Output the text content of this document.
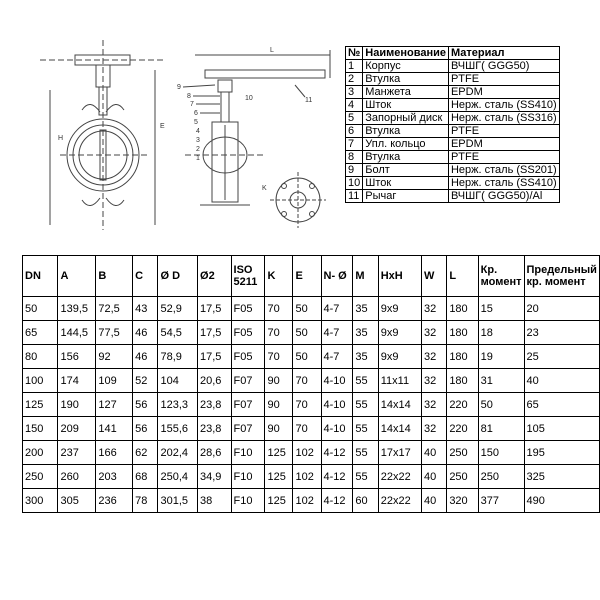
9
8
7
6
5
4
3
2
1
10	11
L
E
K
H
№	Наименование	Материал
1	Корпус	ВЧШГ( GGG50)
2	Втулка	PTFE
3	Манжета	EPDM
4	Шток	Нерж. сталь (SS410)
5	Запорный диск	Нерж. сталь (SS316)
6	Втулка	PTFE
7	Упл. кольцо	EPDM
8	Втулка	PTFE
9	Болт	Нерж. сталь (SS201)
10	Шток	Нерж. сталь (SS410)
11	Рычаг	ВЧШГ( GGG50)/Al
DN	A	B	C	Ø D	Ø2	ISO 5211	K	E	N- Ø	M	HxH	W	L	Кр. момент	Предельный кр. момент
50	139,5	72,5	43	52,9	17,5	F05	70	50	4-7	35	9x9	32	180	15	20
65	144,5	77,5	46	54,5	17,5	F05	70	50	4-7	35	9x9	32	180	18	23
80	156	92	46	78,9	17,5	F05	70	50	4-7	35	9x9	32	180	19	25
100	174	109	52	104	20,6	F07	90	70	4-10	55	11x11	32	180	31	40
125	190	127	56	123,3	23,8	F07	90	70	4-10	55	14x14	32	220	50	65
150	209	141	56	155,6	23,8	F07	90	70	4-10	55	14x14	32	220	81	105
200	237	166	62	202,4	28,6	F10	125	102	4-12	55	17x17	40	250	150	195
250	260	203	68	250,4	34,9	F10	125	102	4-12	55	22x22	40	250	250	325
300	305	236	78	301,5	38	F10	125	102	4-12	60	22x22	40	320	377	490
